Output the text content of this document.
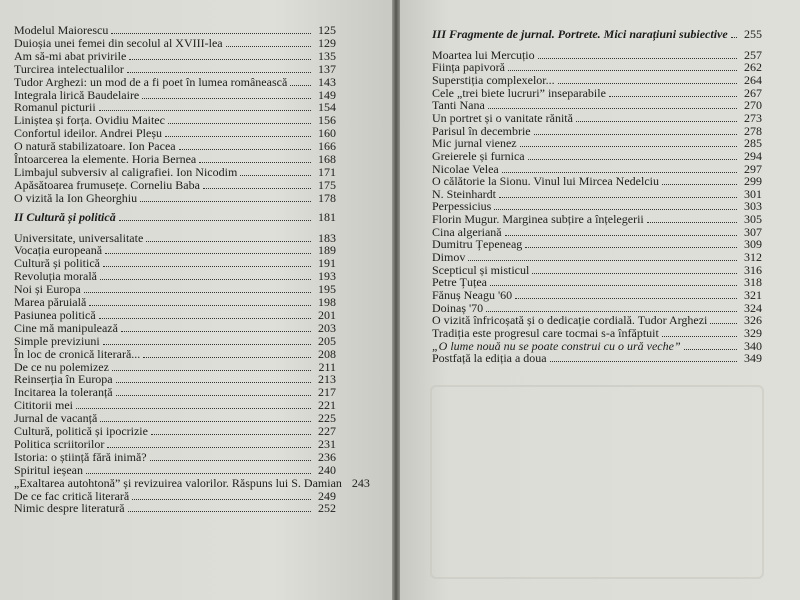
Modelul Maiorescu	125
Duioșia unei femei din secolul al XVIII-lea	129
Am să-mi abat privirile	135
Turcirea intelectualilor	137
Tudor Arghezi: un mod de a fi poet în lumea românească	143
Integrala lirică Baudelaire	149
Romanul picturii	154
Liniștea și forța. Ovidiu Maitec	156
Confortul ideilor. Andrei Pleșu	160
O natură stabilizatoare. Ion Pacea	166
Întoarcerea la elemente. Horia Bernea	168
Limbajul subversiv al caligrafiei. Ion Nicodim	171
Apăsătoarea frumusețe. Corneliu Baba	175
O vizită la Ion Gheorghiu	178
II Cultură și politică	181
Universitate, universalitate	183
Vocația europeană	189
Cultură și politică	191
Revoluția morală	193
Noi și Europa	195
Marea păruială	198
Pasiunea politică	201
Cine mă manipulează	203
Simple previziuni	205
În loc de cronică literară...	208
De ce nu polemizez	211
Reinserția în Europa	213
Incitarea la toleranță	217
Cititorii mei	221
Jurnal de vacanță	225
Cultură, politică și ipocrizie	227
Politica scriitorilor	231
Istoria: o știință fără inimă?	236
Spiritul ieșean	240
„Exaltarea autohtonă” și revizuirea valorilor. Răspuns lui S. Damian 243
De ce fac critică literară	249
Nimic despre literatură	252

III Fragmente de jurnal. Portrete. Mici narațiuni subiective	255
Moartea lui Mercuțio	257
Ființa papivoră	262
Superstiția complexelor...	264
Cele „trei biete lucruri” inseparabile	267
Tanti Nana	270
Un portret și o vanitate rănită	273
Parisul în decembrie	278
Mic jurnal vienez	285
Greierele și furnica	294
Nicolae Velea	297
O călătorie la Sionu. Vinul lui Mircea Nedelciu	299
N. Steinhardt	301
Perpessicius	303
Florin Mugur. Marginea subțire a înțelegerii	305
Cina algeriană	307
Dumitru Țepeneag	309
Dimov	312
Scepticul și misticul	316
Petre Țuțea	318
Fănuș Neagu '60	321
Doinaș '70	324
O vizită înfricoșată și o dedicație cordială. Tudor Arghezi	326
Tradiția este progresul care tocmai s-a înfăptuit	329
„O lume nouă nu se poate construi cu o ură veche”	340
Postfață la ediția a doua	349
